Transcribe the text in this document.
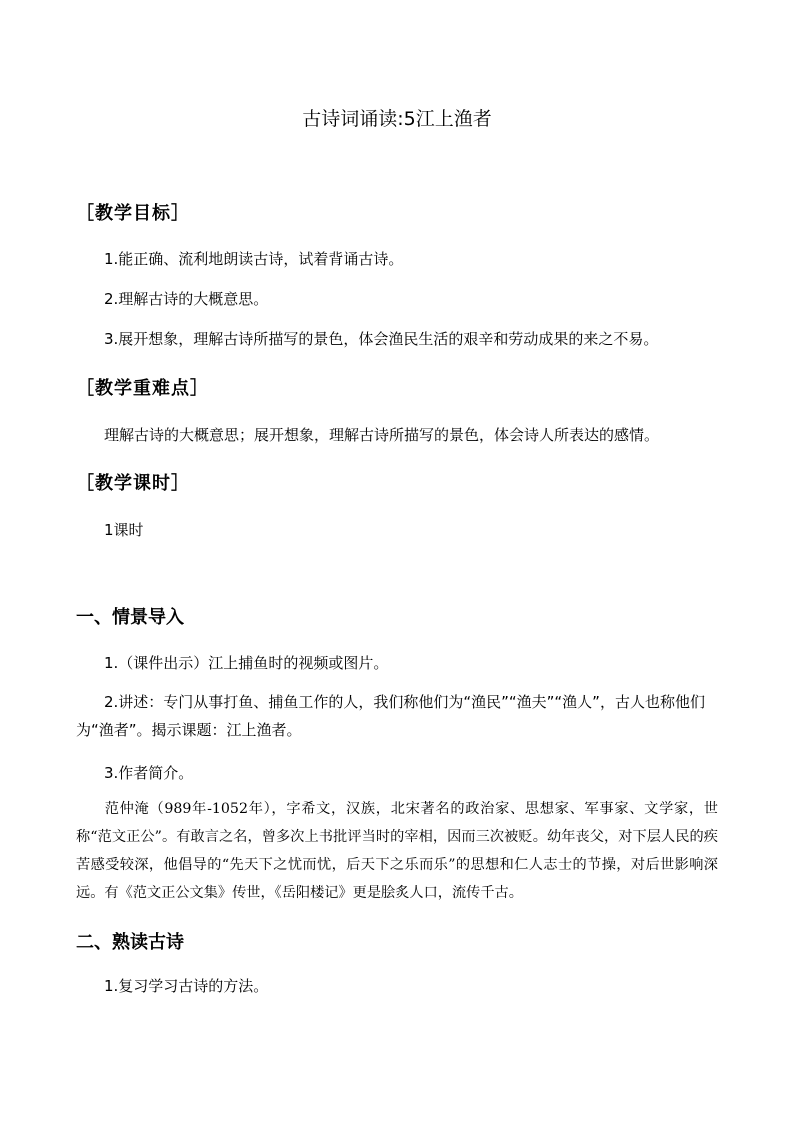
古诗词诵读:5江上渔者
［教学目标］
1.能正确、流利地朗读古诗，试着背诵古诗。
2.理解古诗的大概意思。
3.展开想象，理解古诗所描写的景色，体会渔民生活的艰辛和劳动成果的来之不易。
［教学重难点］
理解古诗的大概意思；展开想象，理解古诗所描写的景色，体会诗人所表达的感情。
［教学课时］
1课时
一、情景导入
1.（课件出示）江上捕鱼时的视频或图片。
2.讲述：专门从事打鱼、捕鱼工作的人，我们称他们为“渔民”“渔夫”“渔人”，古人也称他们为“渔者”。揭示课题：江上渔者。
3.作者简介。
范仲淹（989年-1052年），字希文，汉族，北宋著名的政治家、思想家、军事家、文学家，世称“范文正公”。有敢言之名，曾多次上书批评当时的宰相，因而三次被贬。幼年丧父，对下层人民的疾苦感受较深，他倡导的“先天下之忧而忧，后天下之乐而乐”的思想和仁人志士的节操，对后世影响深远。有《范文正公文集》传世，《岳阳楼记》更是脍炙人口，流传千古。
二、熟读古诗
1.复习学习古诗的方法。
